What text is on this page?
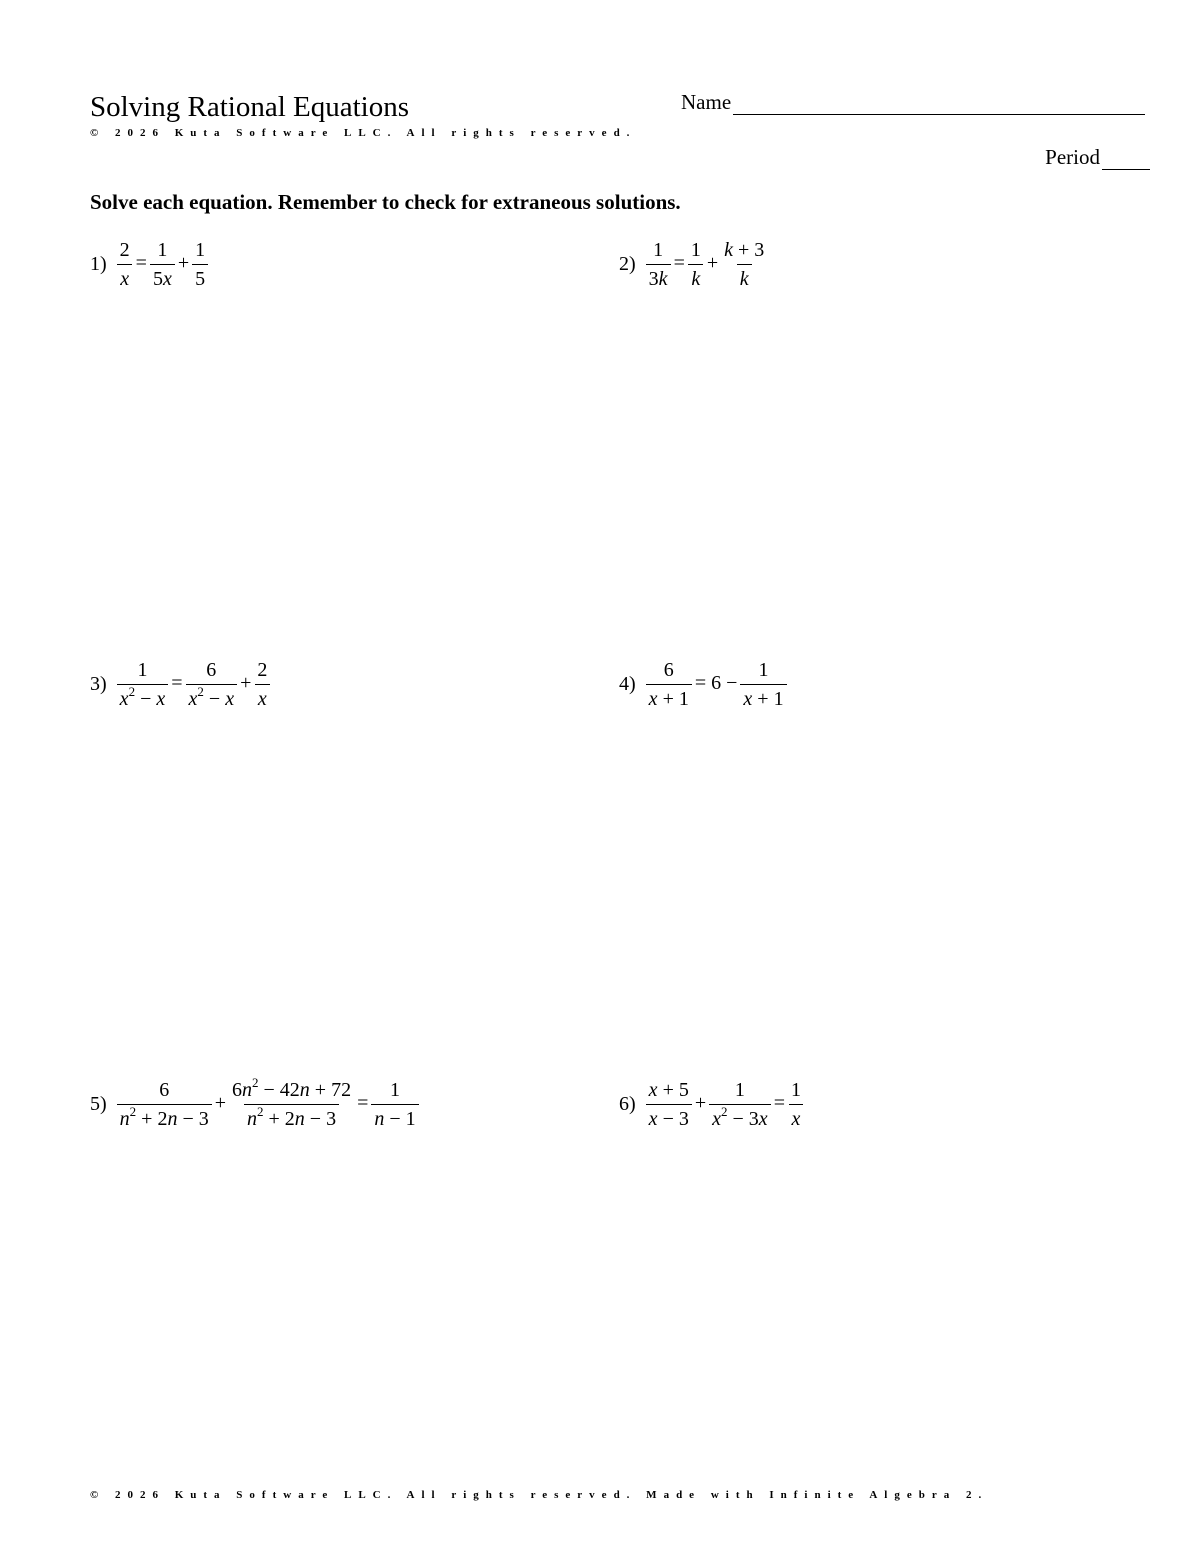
Solving Rational Equations
© 2026 Kuta Software LLC. All rights reserved.
Name
Period
Solve each equation. Remember to check for extraneous solutions.
$1) \frac{2}{x} = \frac{1}{5x} + \frac{1}{5}$	$2) \frac{1}{3k} = \frac{1}{k} + \frac{k + 3}{k}$
$3) \frac{1}{x^2 - x} = \frac{6}{x^2 - x} + \frac{2}{x}$	$4) \frac{6}{x + 1} = 6 - \frac{1}{x + 1}$
$5) \frac{6}{n^2 + 2n - 3} + \frac{6n^2 - 42n + 72}{n^2 + 2n - 3} = \frac{1}{n - 1}$	$6) \frac{x + 5}{x - 3} + \frac{1}{x^2 - 3x} = \frac{1}{x}$
© 2026 Kuta Software LLC. All rights reserved. Made with Infinite Algebra 2.
